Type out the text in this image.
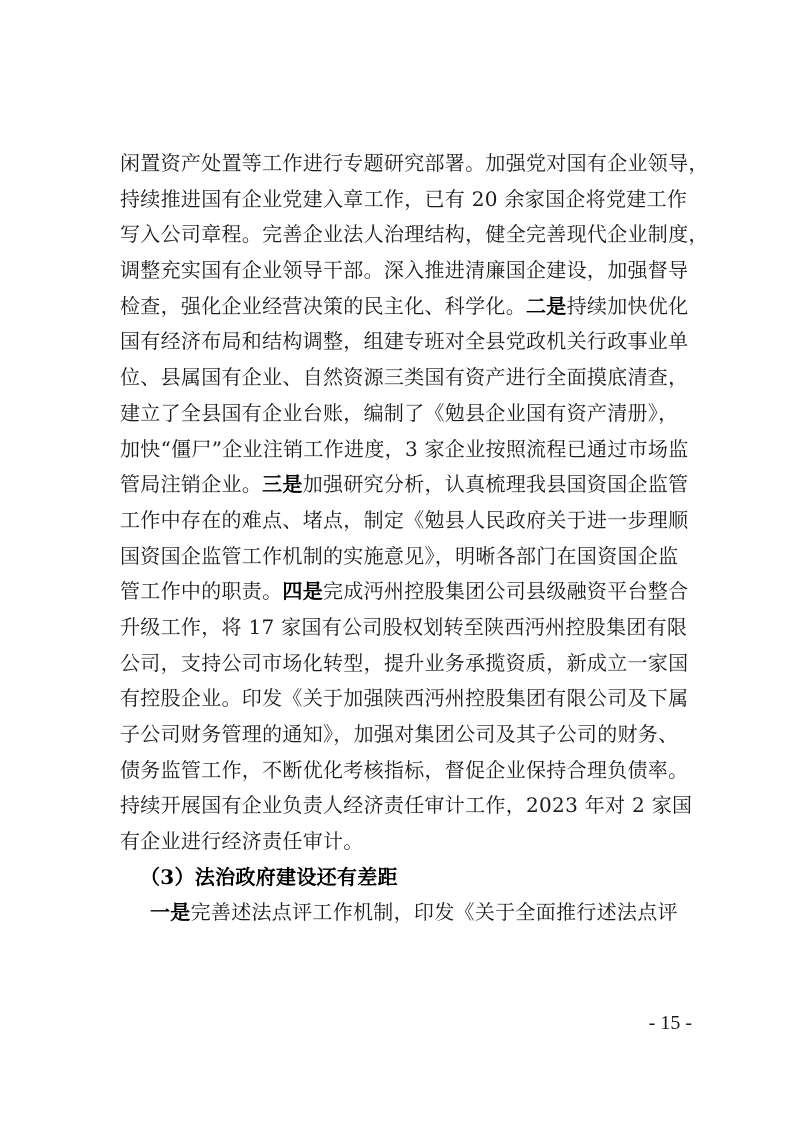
闲置资产处置等工作进行专题研究部署。加强党对国有企业领导，
持续推进国有企业党建入章工作，已有 20 余家国企将党建工作
写入公司章程。完善企业法人治理结构，健全完善现代企业制度，
调整充实国有企业领导干部。深入推进清廉国企建设，加强督导
检查，强化企业经营决策的民主化、科学化。二是持续加快优化
国有经济布局和结构调整，组建专班对全县党政机关行政事业单
位、县属国有企业、自然资源三类国有资产进行全面摸底清查，
建立了全县国有企业台账，编制了《勉县企业国有资产清册》，
加快“僵尸”企业注销工作进度，3 家企业按照流程已通过市场监
管局注销企业。三是加强研究分析，认真梳理我县国资国企监管
工作中存在的难点、堵点，制定《勉县人民政府关于进一步理顺
国资国企监管工作机制的实施意见》，明晰各部门在国资国企监
管工作中的职责。四是完成沔州控股集团公司县级融资平台整合
升级工作，将 17 家国有公司股权划转至陕西沔州控股集团有限
公司，支持公司市场化转型，提升业务承揽资质，新成立一家国
有控股企业。印发《关于加强陕西沔州控股集团有限公司及下属
子公司财务管理的通知》，加强对集团公司及其子公司的财务、
债务监管工作，不断优化考核指标，督促企业保持合理负债率。
持续开展国有企业负责人经济责任审计工作，2023 年对 2 家国
有企业进行经济责任审计。
（3）法治政府建设还有差距
一是完善述法点评工作机制，印发《关于全面推行述法点评
- 15 -
